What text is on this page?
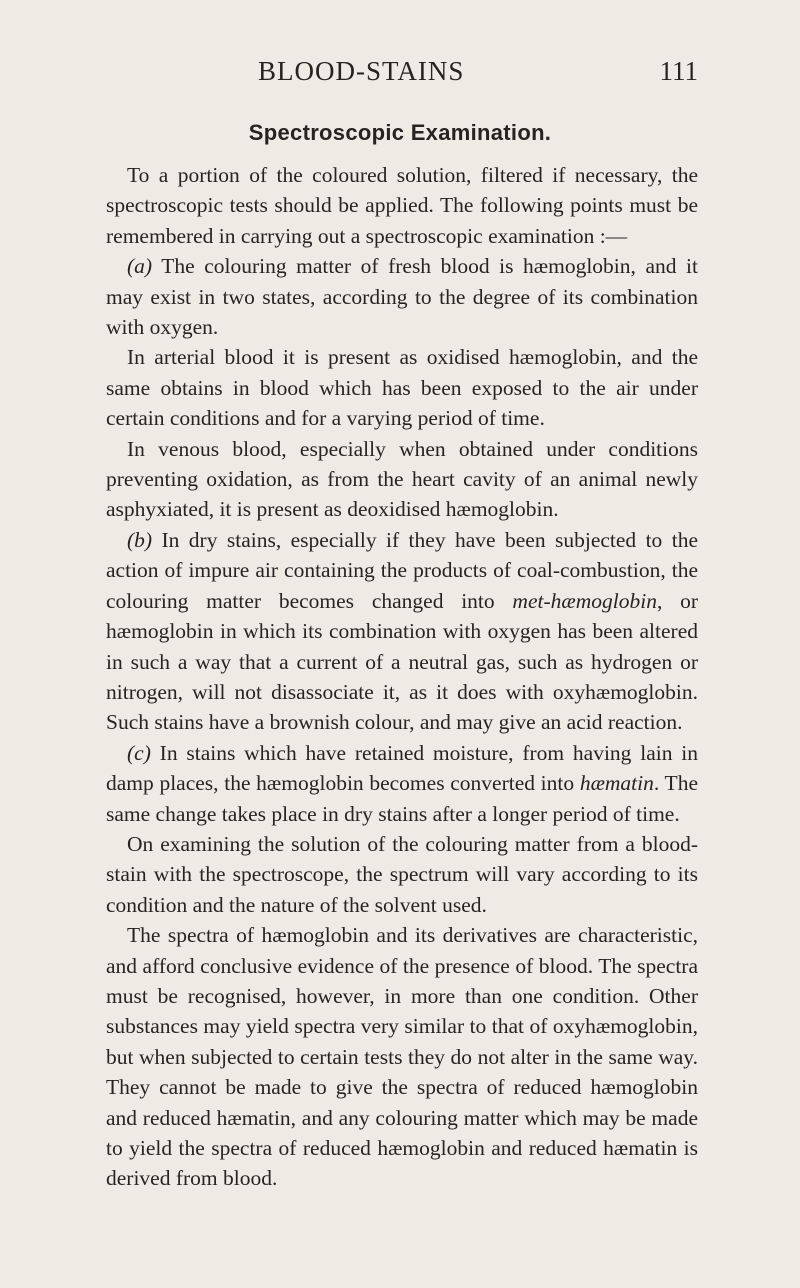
BLOOD-STAINS	111
Spectroscopic Examination.

To a portion of the coloured solution, filtered if necessary, the spectroscopic tests should be applied. The following points must be remembered in carrying out a spectroscopic examination :—

(a) The colouring matter of fresh blood is hæmoglobin, and it may exist in two states, according to the degree of its combination with oxygen.

In arterial blood it is present as oxidised hæmoglobin, and the same obtains in blood which has been exposed to the air under certain conditions and for a varying period of time.

In venous blood, especially when obtained under conditions preventing oxidation, as from the heart cavity of an animal newly asphyxiated, it is present as deoxidised hæmoglobin.

(b) In dry stains, especially if they have been subjected to the action of impure air containing the products of coal-combustion, the colouring matter becomes changed into met-hæmoglobin, or hæmoglobin in which its combination with oxygen has been altered in such a way that a current of a neutral gas, such as hydrogen or nitrogen, will not disassociate it, as it does with oxyhæmoglobin. Such stains have a brownish colour, and may give an acid reaction.

(c) In stains which have retained moisture, from having lain in damp places, the hæmoglobin becomes converted into hæmatin. The same change takes place in dry stains after a longer period of time.

On examining the solution of the colouring matter from a blood-stain with the spectroscope, the spectrum will vary according to its condition and the nature of the solvent used.

The spectra of hæmoglobin and its derivatives are characteristic, and afford conclusive evidence of the presence of blood. The spectra must be recognised, however, in more than one condition. Other substances may yield spectra very similar to that of oxyhæmoglobin, but when subjected to certain tests they do not alter in the same way. They cannot be made to give the spectra of reduced hæmoglobin and reduced hæmatin, and any colouring matter which may be made to yield the spectra of reduced hæmoglobin and reduced hæmatin is derived from blood.
